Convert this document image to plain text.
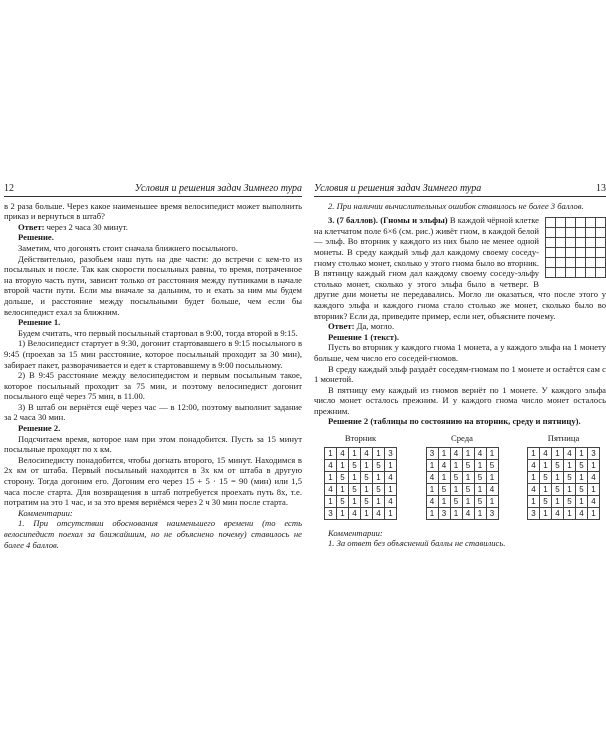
12	Условия и решения задач Зимнего тура

в 2 раза больше. Через какое наименьшее время велосипедист может выполнить приказ и вернуться в штаб?

Ответ: через 2 часа 30 минут.

Решение.

Заметим, что догонять стоит сначала ближнего посыльного.

Действительно, разобьем наш путь на две части: до встречи с кем-то из посыльных и после. Так как скорости посыльных равны, то время, потраченное на вторую часть пути, зависит только от расстояния между путниками в начале второй части пути. Если мы вначале за дальним, то и ехать за ним мы будем дольше, и расстояние между посыльными будет больше, чем если бы велосипедист ехал за ближним.

Решение 1.

Будем считать, что первый посыльный стартовал в 9:00, тогда второй в 9:15.

1) Велосипедист стартует в 9:30, догонит стартовавшего в 9:15 посыльного в 9:45 (проехав за 15 мин расстояние, которое посыльный проходит за 30 мин), забирает пакет, разворачивается и едет к стартовавшему в 9:00 посыльному.

2) В 9:45 расстояние между велосипедистом и первым посыльным такое, которое посыльный проходит за 75 мин, и поэтому велосипедист догонит посыльного ещё через 75 мин, в 11.00.

3) В штаб он вернётся ещё через час — в 12:00, поэтому выполнит задание за 2 часа 30 мин.

Решение 2.

Подсчитаем время, которое нам при этом понадобится. Пусть за 15 минут посыльные проходят по x км.

Велосипедисту понадобится, чтобы догнать второго, 15 минут. Находимся в 2x км от штаба. Первый посыльный находится в 3x км от штаба в другую сторону. Тогда догоним его. Догоним его через 15 + 5 · 15 = 90 (мин) или 1,5 часа после старта. Для возвращения в штаб потребуется проехать путь 8x, т.е. потратим на это 1 час, и за это время вернёмся через 2 ч 30 мин после старта.

Комментарии:

1. При отсутствии обоснования наименьшего времени (то есть велосипедист поехал за ближайшим, но не объяснено почему) ставилось не более 4 баллов.

Условия и решения задач Зимнего тура	13

2. При наличии вычислительных ошибок ставилось не более 3 баллов.

3. (7 баллов). (Гномы и эльфы) В каждой чёрной клетке на клетчатом поле 6×6 (см. рис.) живёт гном, в каждой белой — эльф. Во вторник у каждого из них было не менее одной монеты. В среду каждый эльф дал каждому своему соседу-гному столько монет, сколько у этого гнома было во вторник. В пятницу каждый гном дал каждому своему соседу-эльфу столько монет, сколько у этого эльфа было в четверг. В другие дни монеты не передавались. Могло ли оказаться, что после этого у каждого эльфа и каждого гнома стало столько же монет, сколько было во вторник? Если да, приведите пример, если нет, объясните почему.

Ответ: Да, могло.

Решение 1 (текст).

Пусть во вторник у каждого гнома 1 монета, а у каждого эльфа на 1 монету больше, чем число его соседей-гномов.

В среду каждый эльф раздаёт соседям-гномам по 1 монете и остаётся сам с 1 монетой.

В пятницу ему каждый из гномов вернёт по 1 монете. У каждого эльфа число монет осталось прежним. И у каждого гнома число монет осталось прежним.

Решение 2 (таблицы по состоянию на вторник, среду и пятницу).

Вторник
1	4	1	4	1	3
4	1	5	1	5	1
1	5	1	5	1	4
4	1	5	1	5	1
1	5	1	5	1	4
3	1	4	1	4	1
Среда
3	1	4	1	4	1
1	4	1	5	1	5
4	1	5	1	5	1
1	5	1	5	1	4
4	1	5	1	5	1
1	3	1	4	1	3
Пятница
1	4	1	4	1	3
4	1	5	1	5	1
1	5	1	5	1	4
4	1	5	1	5	1
1	5	1	5	1	4
3	1	4	1	4	1

Комментарии:

1. За ответ без объяснений баллы не ставились.
